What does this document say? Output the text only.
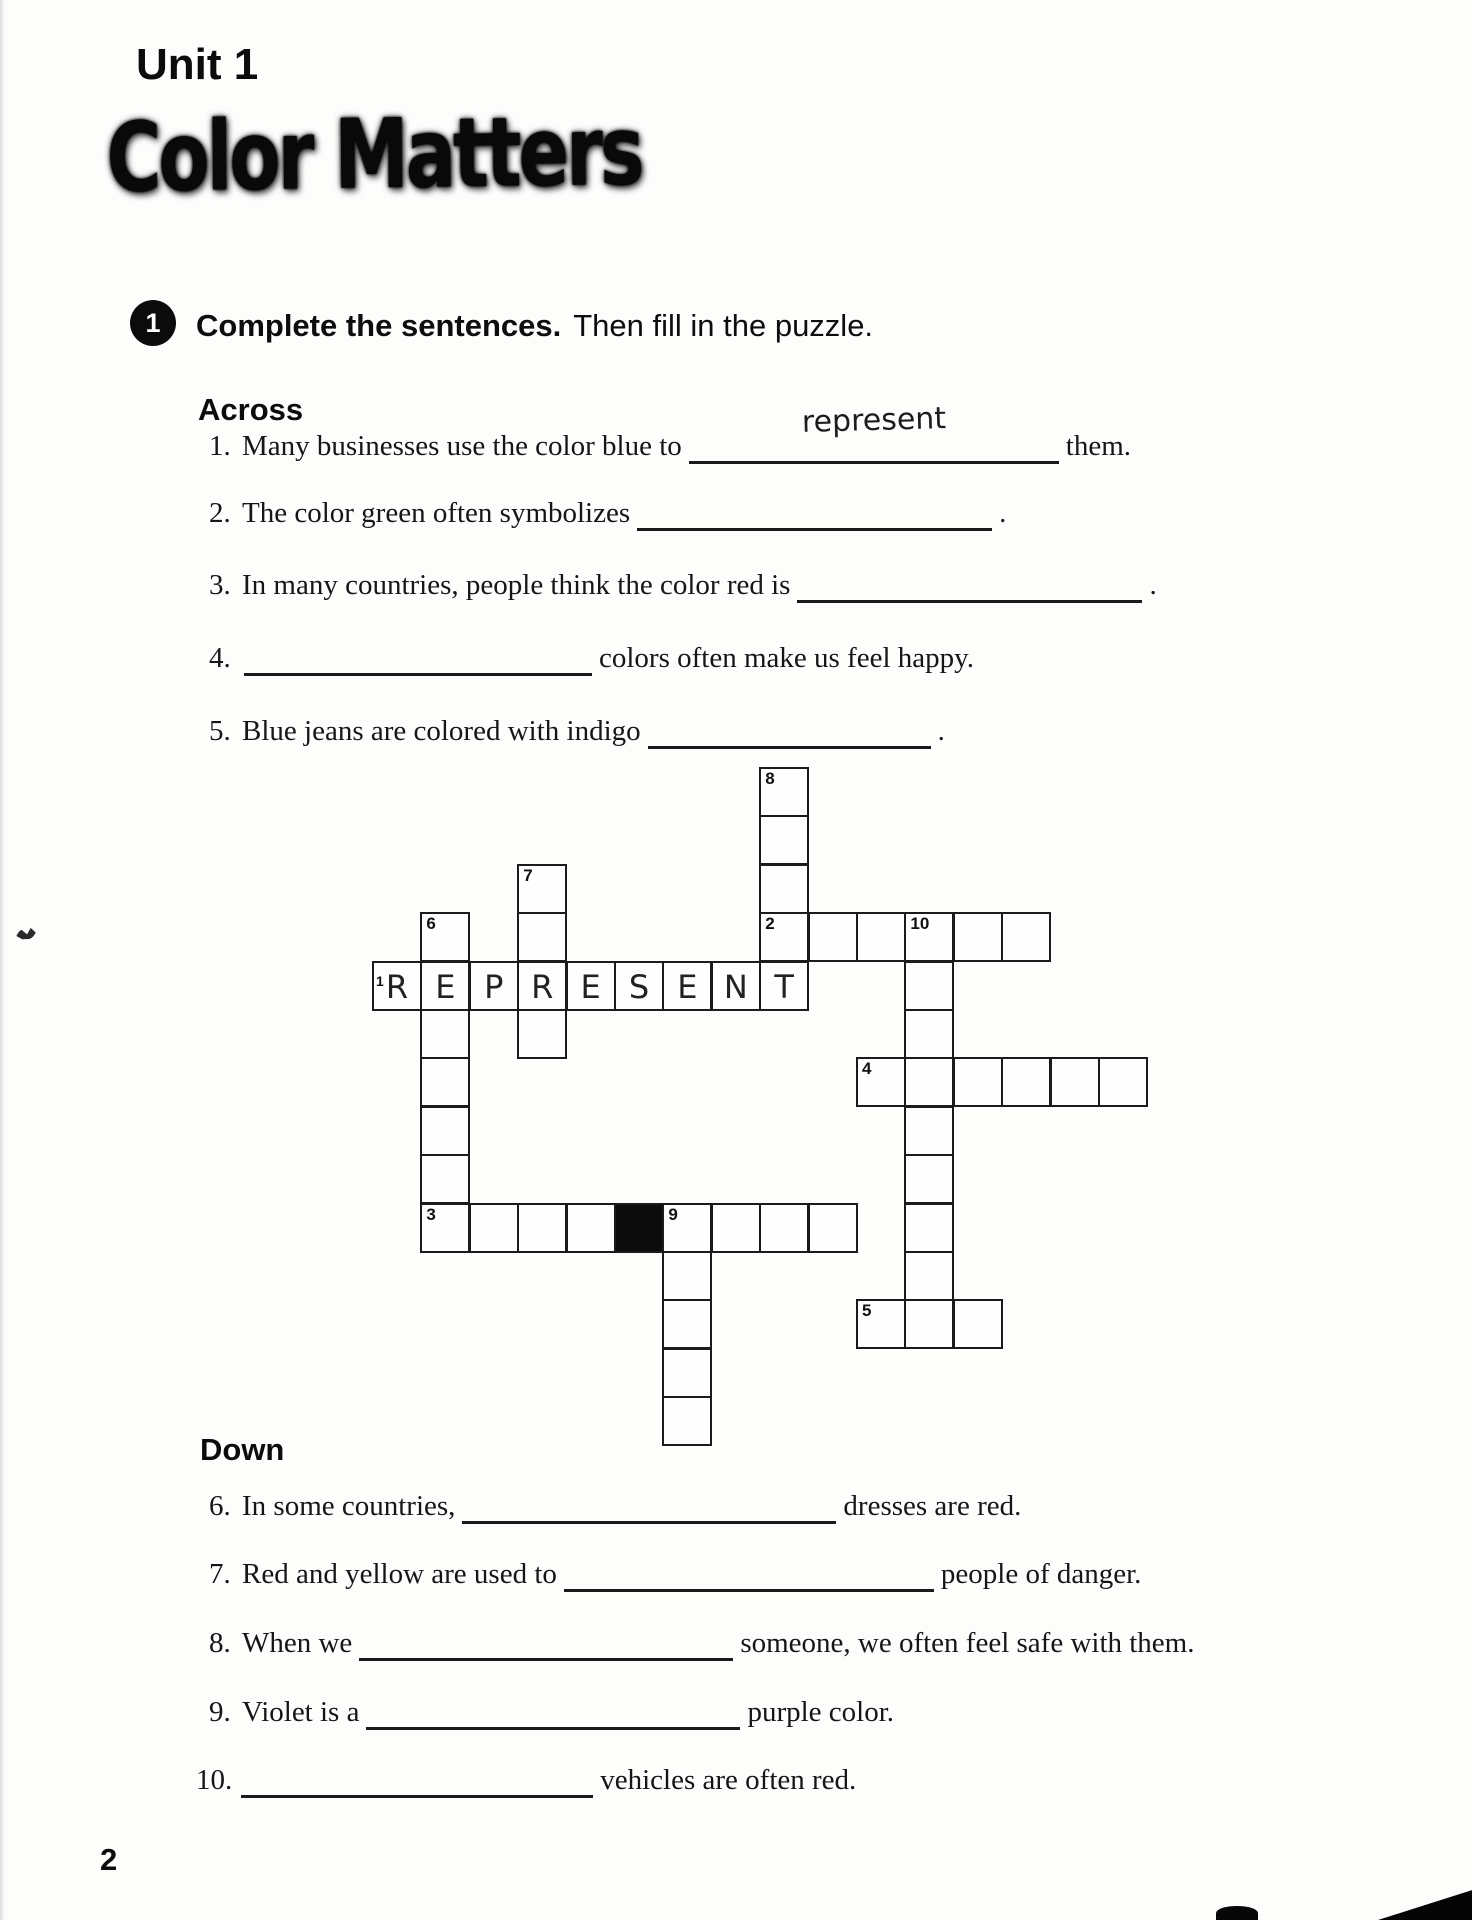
Unit 1
Color Matters
1 Complete the sentences. Then fill in the puzzle.
Across
1. Many businesses use the color blue to
represent
them.
2. The color green often symbolizes	.
3. In many countries, people think the color red is	.
4.	colors often make us feel happy.
5. Blue jeans are colored with indigo	.
8
7
6	2	10
1 R E P R E S E N T
4
3	9
5
Down
6. In some countries,	dresses are red.
7. Red and yellow are used to	people of danger.
8. When we	someone, we often feel safe with them.
9. Violet is a	purple color.
10.	vehicles are often red.
2
